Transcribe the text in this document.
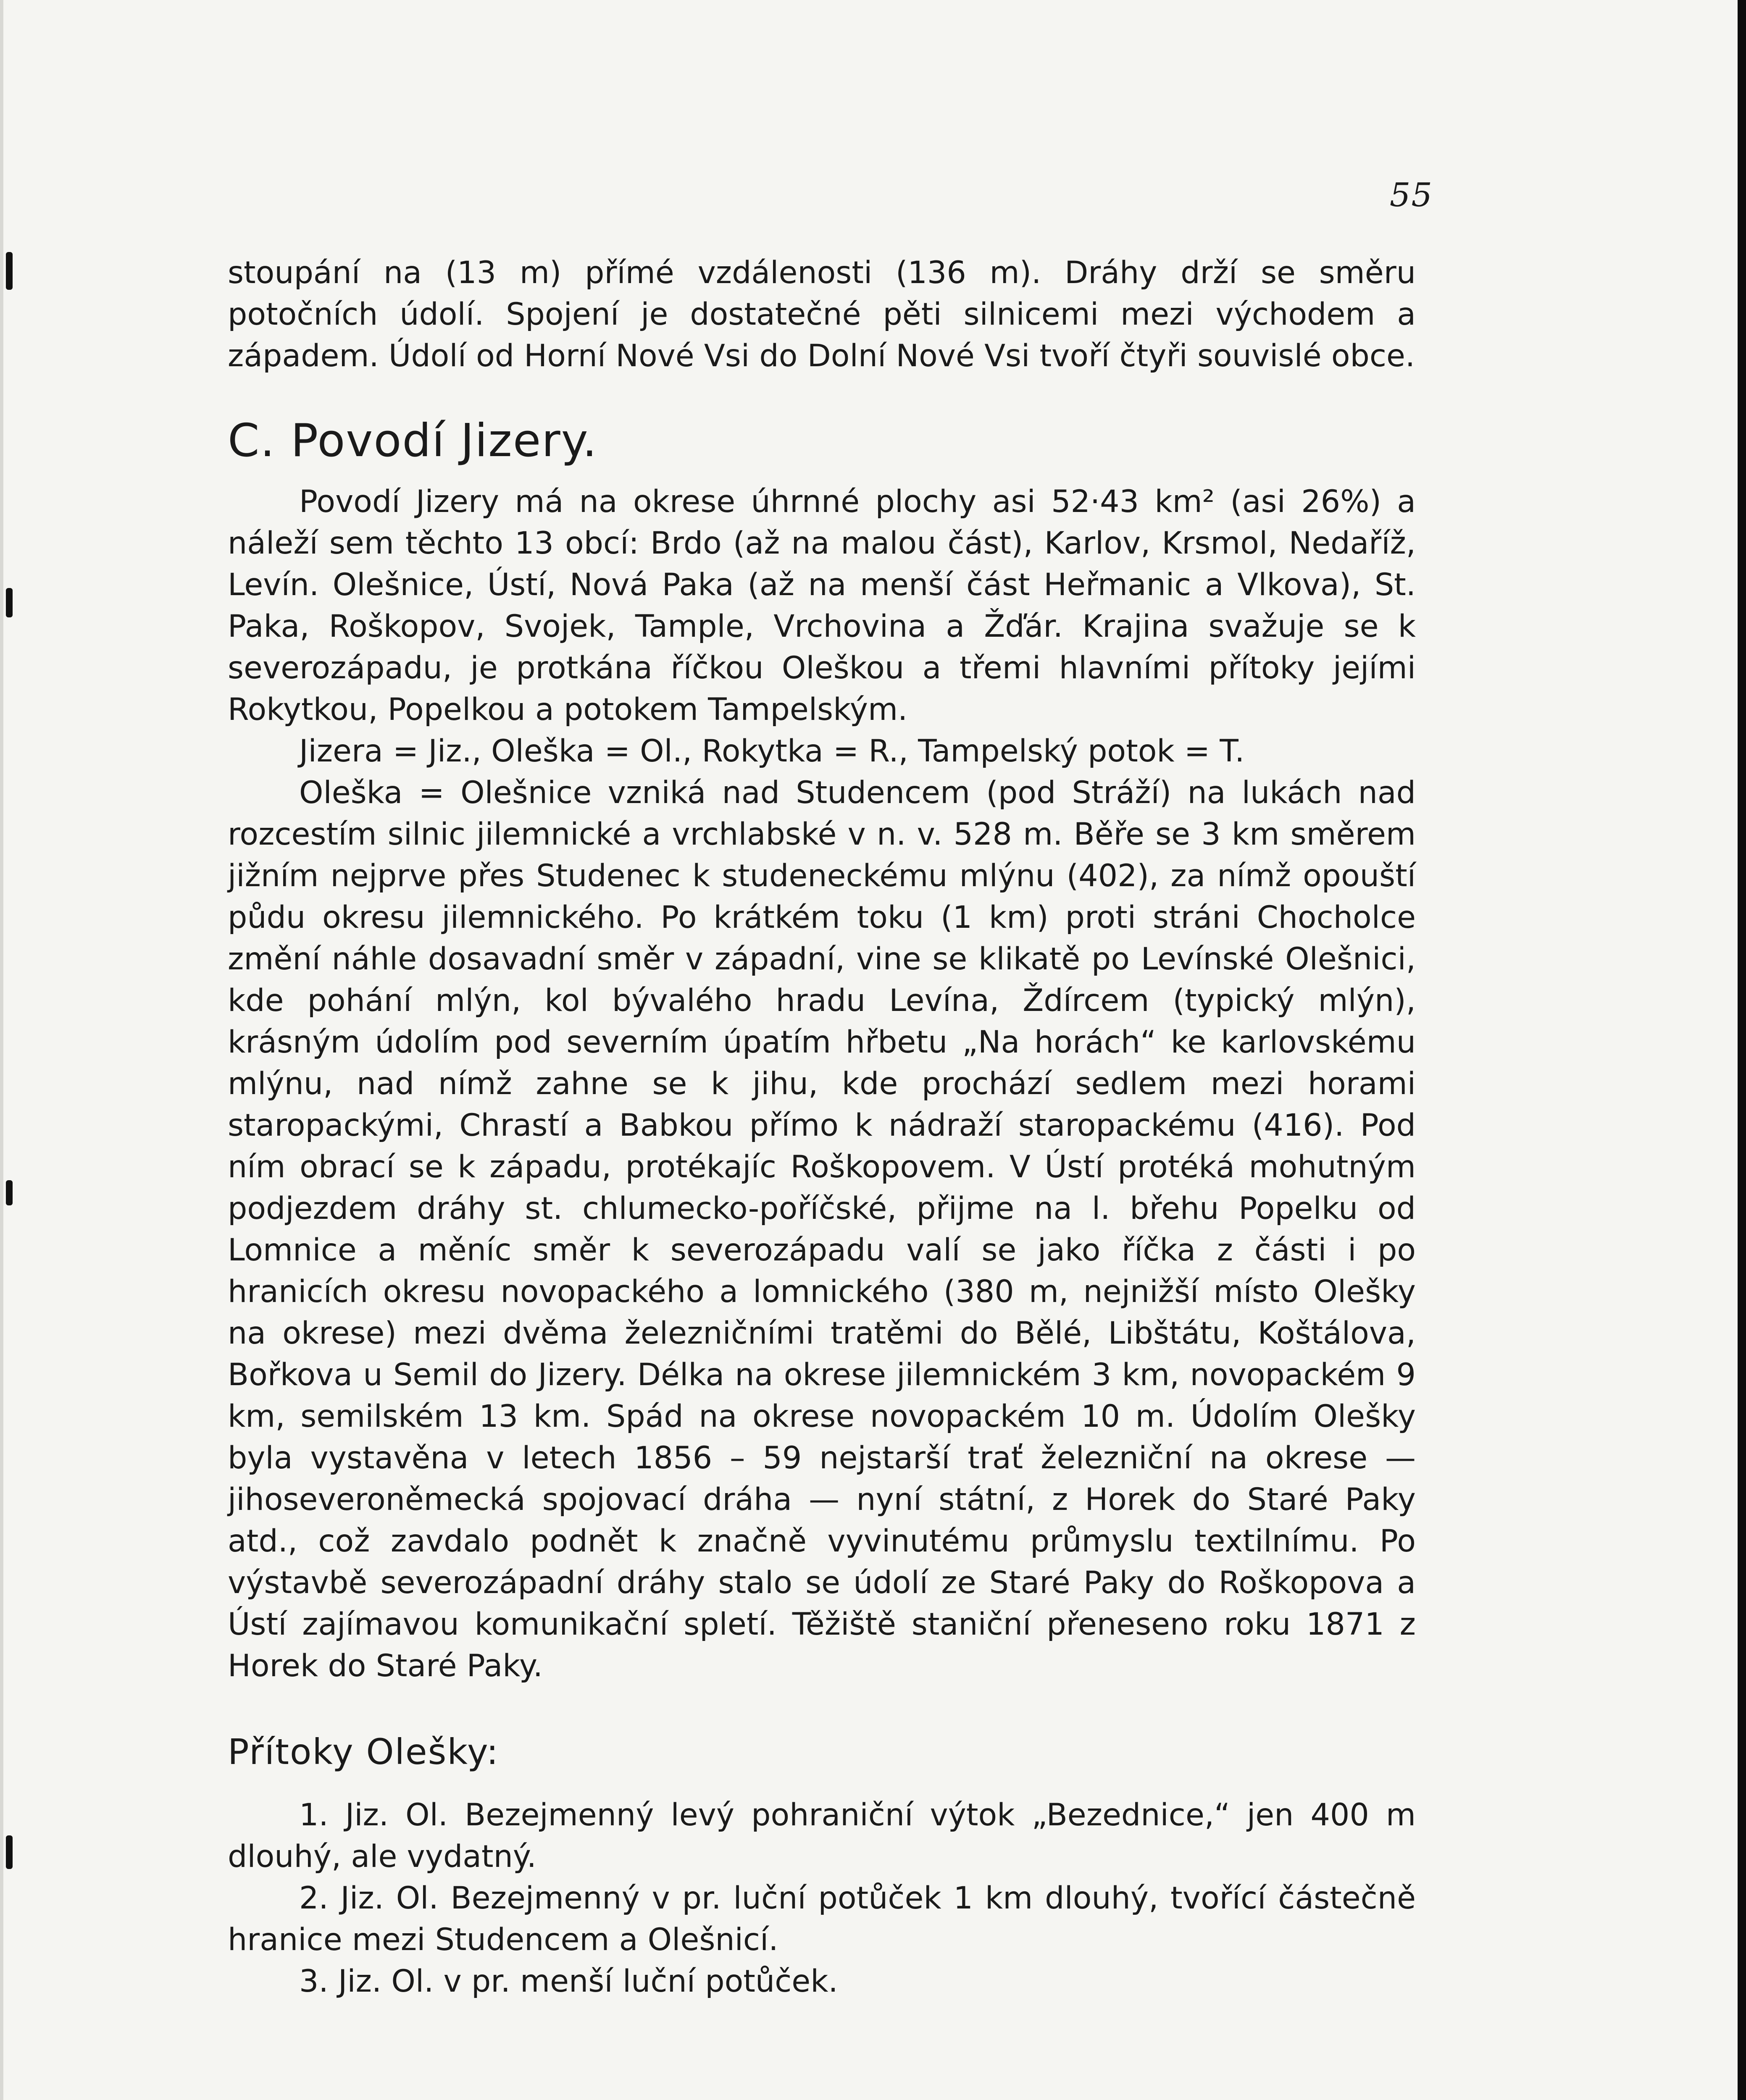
55

stoupání na (13 m) přímé vzdálenosti (136 m). Dráhy drží se směru potočních údolí. Spojení je dostatečné pěti silnicemi mezi východem a západem. Údolí od Horní Nové Vsi do Dolní Nové Vsi tvoří čtyři souvislé obce.

C. Povodí Jizery.

Povodí Jizery má na okrese úhrnné plochy asi 52·43 km² (asi 26%) a náleží sem těchto 13 obcí: Brdo (až na malou část), Karlov, Krsmol, Nedaříž, Levín. Olešnice, Ústí, Nová Paka (až na menší část Heřmanic a Vlkova), St. Paka, Roškopov, Svojek, Tample, Vrchovina a Žďár. Krajina svažuje se k severozápadu, je protkána říčkou Oleškou a třemi hlavními přítoky jejími Rokytkou, Popelkou a potokem Tampelským.

Jizera = Jiz., Oleška = Ol., Rokytka = R., Tampelský potok = T.

Oleška = Olešnice vzniká nad Studencem (pod Stráží) na lukách nad rozcestím silnic jilemnické a vrchlabské v n. v. 528 m. Běře se 3 km směrem jižním nejprve přes Studenec k studeneckému mlýnu (402), za nímž opouští půdu okresu jilemnického. Po krátkém toku (1 km) proti stráni Chocholce změní náhle dosavadní směr v západní, vine se klikatě po Levínské Olešnici, kde pohání mlýn, kol bývalého hradu Levína, Ždírcem (typický mlýn), krásným údolím pod severním úpatím hřbetu „Na horách“ ke karlovskému mlýnu, nad nímž zahne se k jihu, kde prochází sedlem mezi horami staropackými, Chrastí a Babkou přímo k nádraží staropackému (416). Pod ním obrací se k západu, protékajíc Roškopovem. V Ústí protéká mohutným podjezdem dráhy st. chlumecko-poříčské, přijme na l. břehu Popelku od Lomnice a měníc směr k severozápadu valí se jako říčka z části i po hranicích okresu novopackého a lomnického (380 m, nejnižší místo Olešky na okrese) mezi dvěma železničními tratěmi do Bělé, Libštátu, Koštálova, Bořkova u Semil do Jizery. Délka na okrese jilemnickém 3 km, novopackém 9 km, semilském 13 km. Spád na okrese novopackém 10 m. Údolím Olešky byla vystavěna v letech 1856 – 59 nejstarší trať železniční na okrese — jihoseveroněmecká spojovací dráha — nyní státní, z Horek do Staré Paky atd., což zavdalo podnět k značně vyvinutému průmyslu textilnímu. Po výstavbě severozápadní dráhy stalo se údolí ze Staré Paky do Roškopova a Ústí zajímavou komunikační spletí. Těžiště staniční přeneseno roku 1871 z Horek do Staré Paky.

Přítoky Olešky:

1. Jiz. Ol. Bezejmenný levý pohraniční výtok „Bezednice,“ jen 400 m dlouhý, ale vydatný.

2. Jiz. Ol. Bezejmenný v pr. luční potůček 1 km dlouhý, tvořící částečně hranice mezi Studencem a Olešnicí.

3. Jiz. Ol. v pr. menší luční potůček.
